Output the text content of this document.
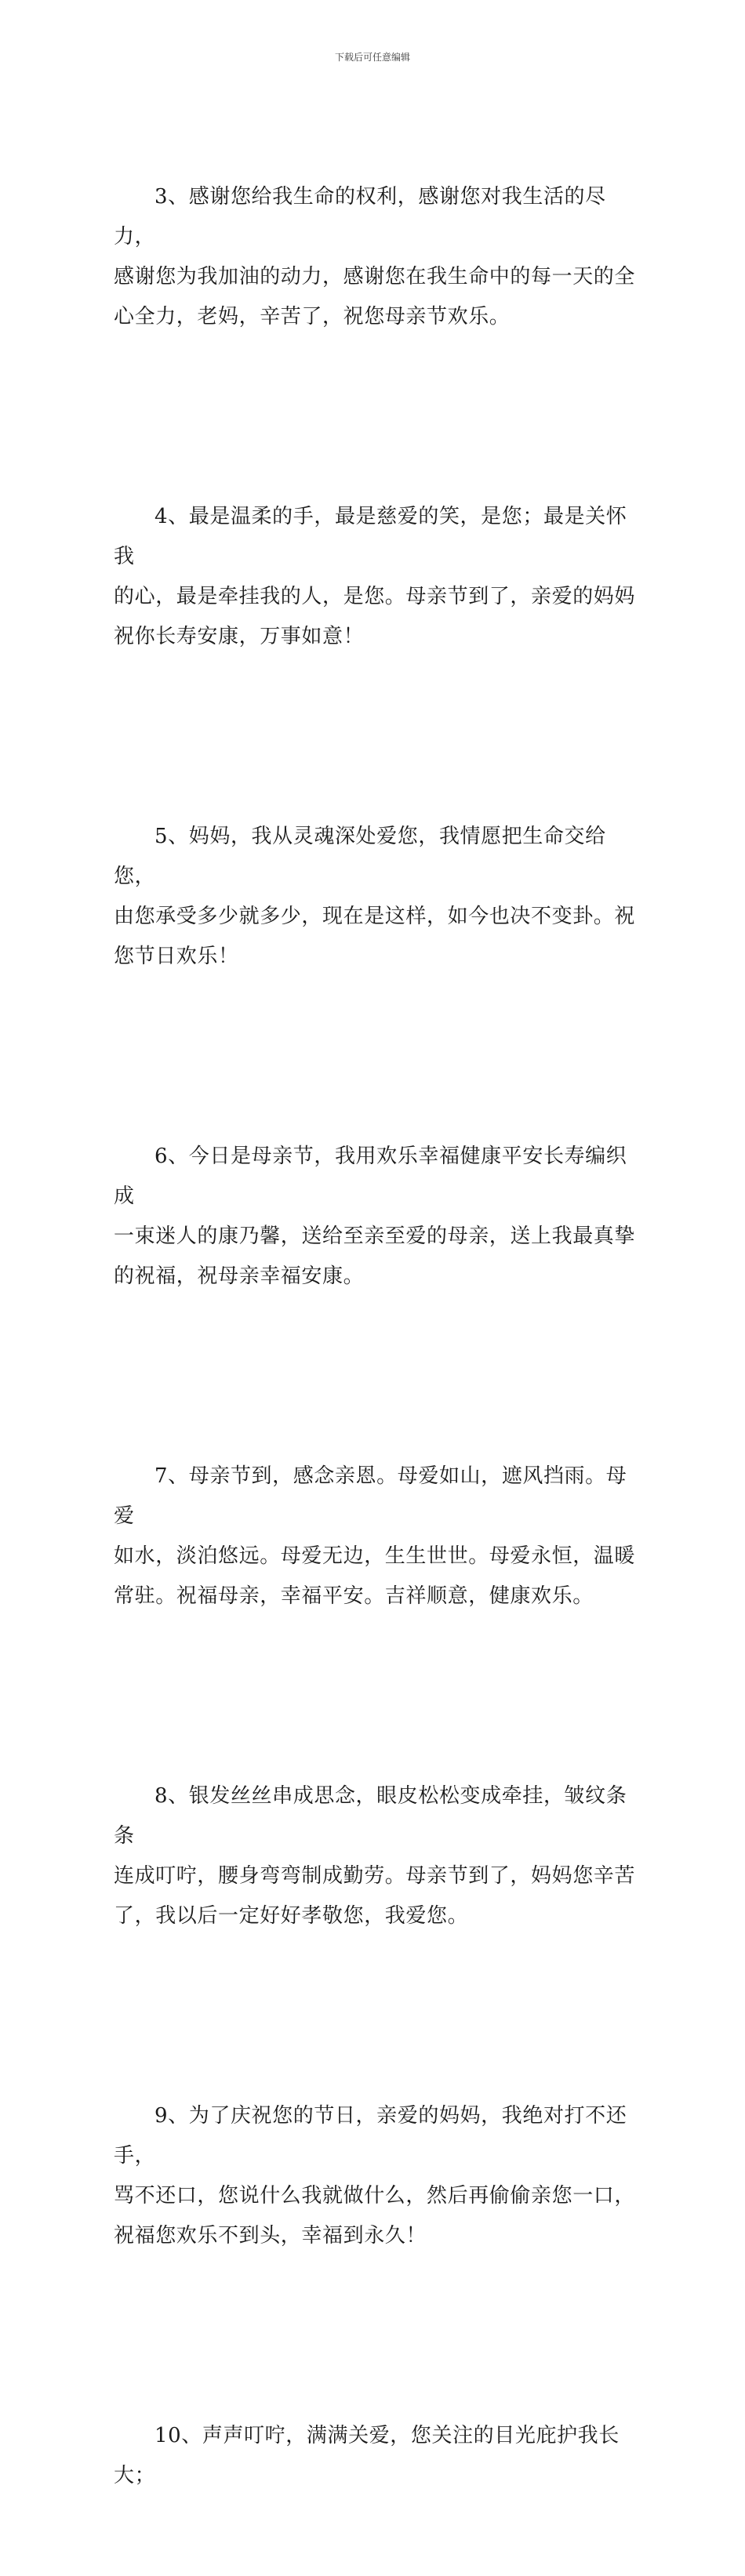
下载后可任意编辑

3、感谢您给我生命的权利，感谢您对我生活的尽力，
感谢您为我加油的动力，感谢您在我生命中的每一天的全
心全力，老妈，辛苦了，祝您母亲节欢乐。

4、最是温柔的手，最是慈爱的笑，是您；最是关怀我
的心，最是牵挂我的人，是您。母亲节到了，亲爱的妈妈
祝你长寿安康，万事如意！

5、妈妈，我从灵魂深处爱您，我情愿把生命交给您，
由您承受多少就多少，现在是这样，如今也决不变卦。祝
您节日欢乐！

6、今日是母亲节，我用欢乐幸福健康平安长寿编织成
一束迷人的康乃馨，送给至亲至爱的母亲，送上我最真挚
的祝福，祝母亲幸福安康。

7、母亲节到，感念亲恩。母爱如山，遮风挡雨。母爱
如水，淡泊悠远。母爱无边，生生世世。母爱永恒，温暖
常驻。祝福母亲，幸福平安。吉祥顺意，健康欢乐。

8、银发丝丝串成思念，眼皮松松变成牵挂，皱纹条条
连成叮咛，腰身弯弯制成勤劳。母亲节到了，妈妈您辛苦
了，我以后一定好好孝敬您，我爱您。

9、为了庆祝您的节日，亲爱的妈妈，我绝对打不还手，
骂不还口，您说什么我就做什么，然后再偷偷亲您一口，
祝福您欢乐不到头，幸福到永久！

10、声声叮咛，满满关爱，您关注的目光庇护我长大；
